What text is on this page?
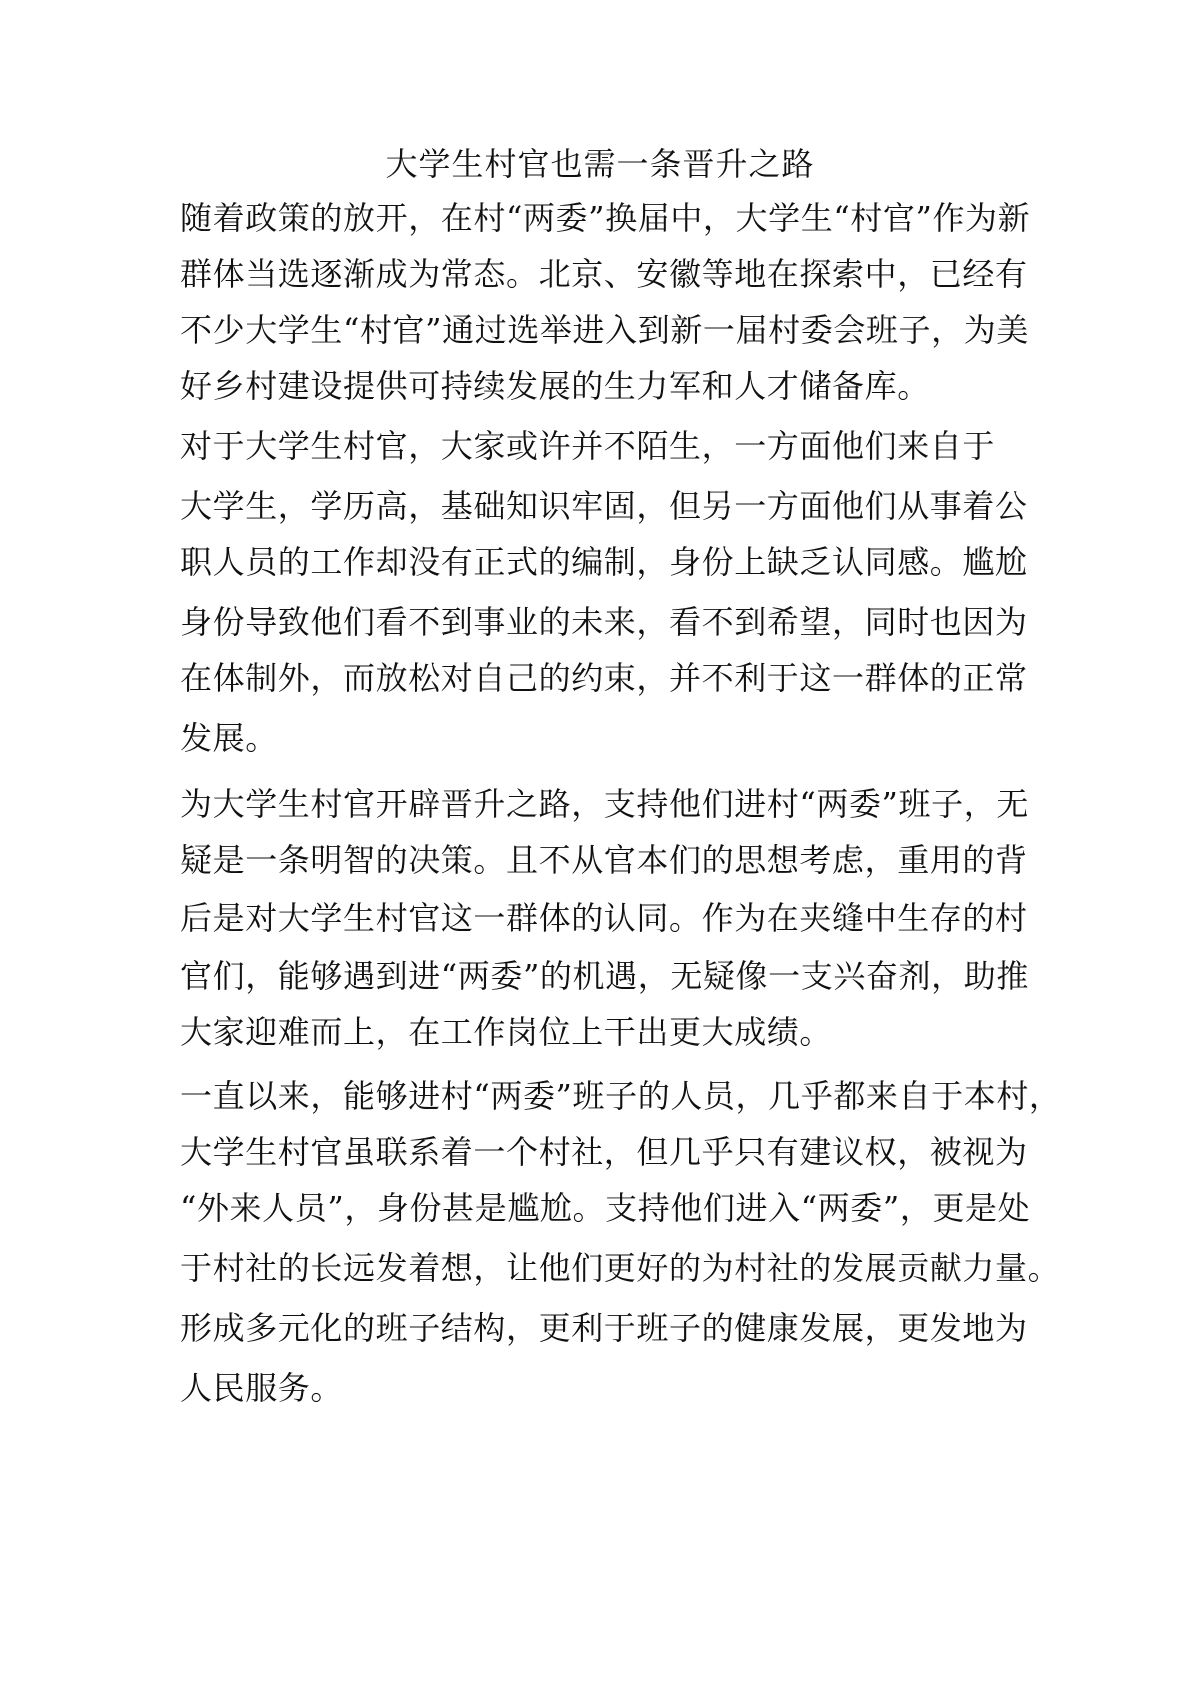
大学生村官也需一条晋升之路
随着政策的放开，在村“两委”换届中，大学生“村官”作为新
群体当选逐渐成为常态。北京、安徽等地在探索中，已经有
不少大学生“村官”通过选举进入到新一届村委会班子，为美
好乡村建设提供可持续发展的生力军和人才储备库。
对于大学生村官，大家或许并不陌生，一方面他们来自于
大学生，学历高，基础知识牢固，但另一方面他们从事着公
职人员的工作却没有正式的编制，身份上缺乏认同感。尴尬
身份导致他们看不到事业的未来，看不到希望，同时也因为
在体制外，而放松对自己的约束，并不利于这一群体的正常
发展。
为大学生村官开辟晋升之路，支持他们进村“两委”班子，无
疑是一条明智的决策。且不从官本们的思想考虑，重用的背
后是对大学生村官这一群体的认同。作为在夹缝中生存的村
官们，能够遇到进“两委”的机遇，无疑像一支兴奋剂，助推
大家迎难而上，在工作岗位上干出更大成绩。
一直以来，能够进村“两委”班子的人员，几乎都来自于本村，
大学生村官虽联系着一个村社，但几乎只有建议权，被视为
“外来人员”，身份甚是尴尬。支持他们进入“两委”，更是处
于村社的长远发着想，让他们更好的为村社的发展贡献力量。
形成多元化的班子结构，更利于班子的健康发展，更发地为
人民服务。
